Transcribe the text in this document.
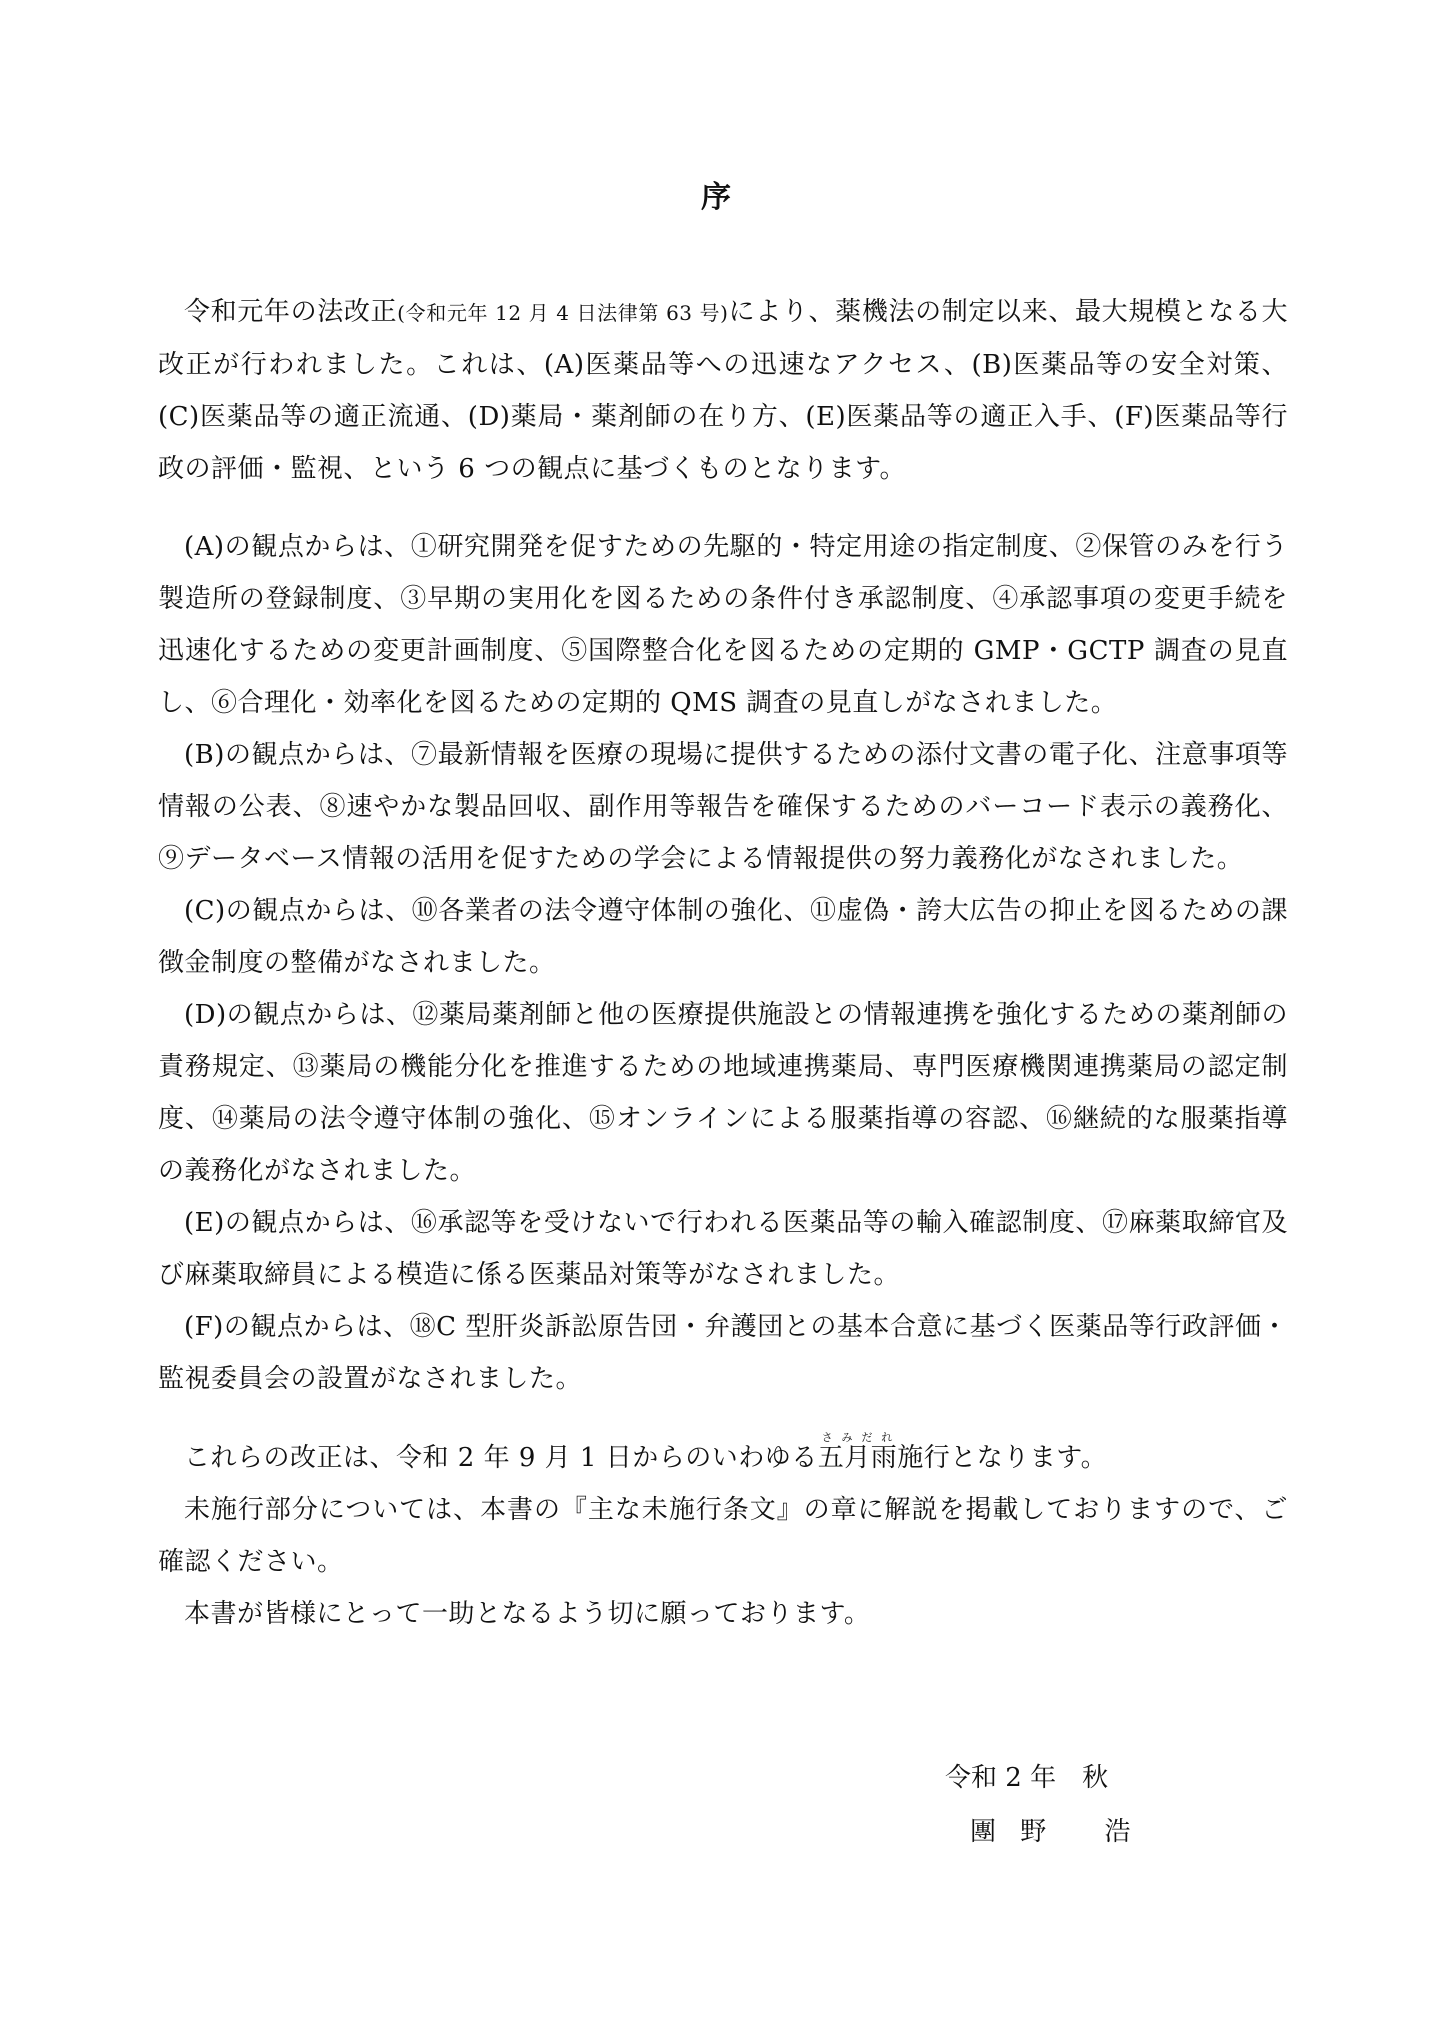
序

令和元年の法改正(令和元年 12 月 4 日法律第 63 号)により、薬機法の制定以来、最大規模となる大改正が行われました。これは、(A)医薬品等への迅速なアクセス、(B)医薬品等の安全対策、(C)医薬品等の適正流通、(D)薬局・薬剤師の在り方、(E)医薬品等の適正入手、(F)医薬品等行政の評価・監視、という 6 つの観点に基づくものとなります。

(A)の観点からは、①研究開発を促すための先駆的・特定用途の指定制度、②保管のみを行う製造所の登録制度、③早期の実用化を図るための条件付き承認制度、④承認事項の変更手続を迅速化するための変更計画制度、⑤国際整合化を図るための定期的 GMP・GCTP 調査の見直し、⑥合理化・効率化を図るための定期的 QMS 調査の見直しがなされました。

(B)の観点からは、⑦最新情報を医療の現場に提供するための添付文書の電子化、注意事項等情報の公表、⑧速やかな製品回収、副作用等報告を確保するためのバーコード表示の義務化、⑨データベース情報の活用を促すための学会による情報提供の努力義務化がなされました。

(C)の観点からは、⑩各業者の法令遵守体制の強化、⑪虚偽・誇大広告の抑止を図るための課徴金制度の整備がなされました。

(D)の観点からは、⑫薬局薬剤師と他の医療提供施設との情報連携を強化するための薬剤師の責務規定、⑬薬局の機能分化を推進するための地域連携薬局、専門医療機関連携薬局の認定制度、⑭薬局の法令遵守体制の強化、⑮オンラインによる服薬指導の容認、⑯継続的な服薬指導の義務化がなされました。

(E)の観点からは、⑯承認等を受けないで行われる医薬品等の輸入確認制度、⑰麻薬取締官及び麻薬取締員による模造に係る医薬品対策等がなされました。

(F)の観点からは、⑱C 型肝炎訴訟原告団・弁護団との基本合意に基づく医薬品等行政評価・監視委員会の設置がなされました。

これらの改正は、令和 2 年 9 月 1 日からのいわゆる五月雨さみだれ施行となります。

未施行部分については、本書の『主な未施行条文』の章に解説を掲載しておりますので、ご確認ください。

本書が皆様にとって一助となるよう切に願っております。

令和 2 年　秋
團 野　 浩
